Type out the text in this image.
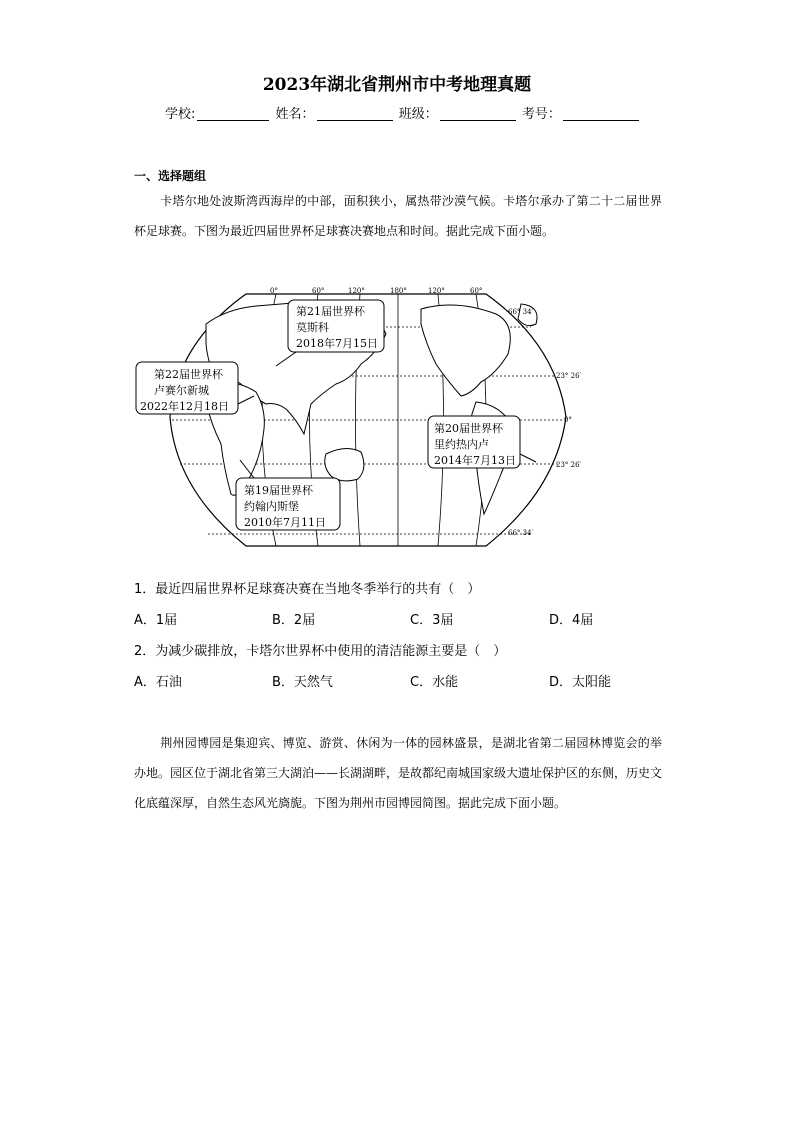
2023年湖北省荆州市中考地理真题
学校:	姓名：	班级：	考号：
一、选择题组
卡塔尔地处波斯湾西海岸的中部，面积狭小，属热带沙漠气候。卡塔尔承办了第二十二届世界杯足球赛。下图为最近四届世界杯足球赛决赛地点和时间。据此完成下面小题。
0°	60°	120°	180°	120°	60°
66° 34′
23° 26′
0°
23° 26′
66° 34′
第21届世界杯
莫斯科
2018年7月15日
第22届世界杯
卢赛尔新城
2022年12月18日
第20届世界杯
里约热内卢
2014年7月13日
第19届世界杯
约翰内斯堡
2010年7月11日
1．最近四届世界杯足球赛决赛在当地冬季举行的共有（　）
A．1届	B．2届	C．3届	D．4届
2．为减少碳排放，卡塔尔世界杯中使用的清洁能源主要是（　）
A．石油	B．天然气	C．水能	D．太阳能
荆州园博园是集迎宾、博览、游赏、休闲为一体的园林盛景，是湖北省第二届园林博览会的举办地。园区位于湖北省第三大湖泊——长湖湖畔，是故都纪南城国家级大遗址保护区的东侧，历史文化底蕴深厚，自然生态风光旖旎。下图为荆州市园博园简图。据此完成下面小题。
